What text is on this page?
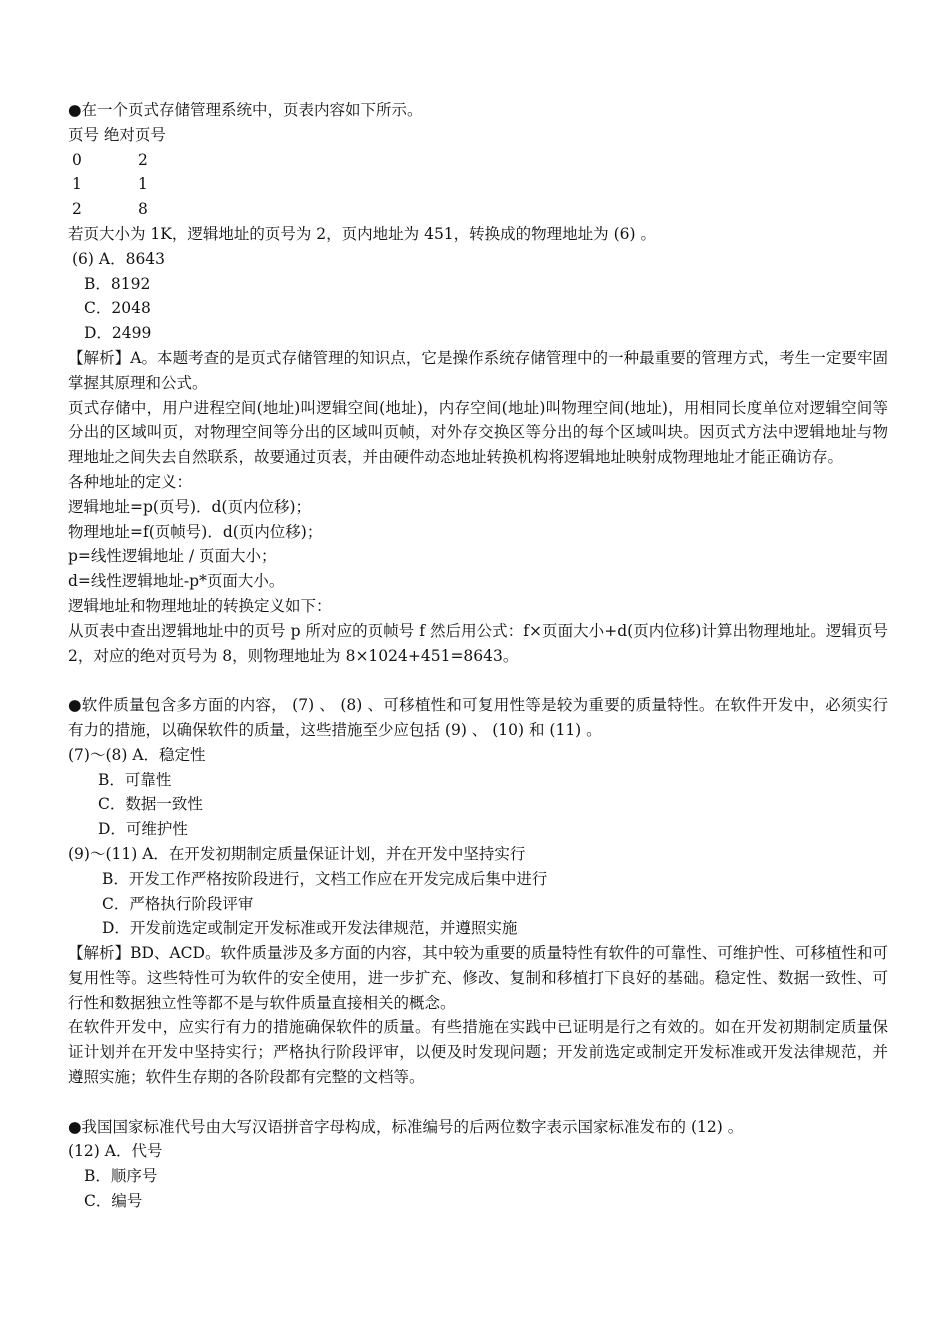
●在一个页式存储管理系统中，页表内容如下所示。
页号 绝对页号
0	2
1	1
2	8
若页大小为 1K，逻辑地址的页号为 2，页内地址为 451，转换成的物理地址为 (6) 。
(6) A．8643
B．8192
C．2048
D．2499
【解析】A。本题考查的是页式存储管理的知识点，它是操作系统存储管理中的一种最重要的管理方式，考生一定要牢固掌握其原理和公式。
页式存储中，用户进程空间(地址)叫逻辑空间(地址)，内存空间(地址)叫物理空间(地址)，用相同长度单位对逻辑空间等分出的区域叫页，对物理空间等分出的区域叫页帧，对外存交换区等分出的每个区域叫块。因页式方法中逻辑地址与物理地址之间失去自然联系，故要通过页表，并由硬件动态地址转换机构将逻辑地址映射成物理地址才能正确访存。
各种地址的定义：
逻辑地址=p(页号)．d(页内位移)；
物理地址=f(页帧号)．d(页内位移)；
p=线性逻辑地址 / 页面大小；
d=线性逻辑地址-p*页面大小。
逻辑地址和物理地址的转换定义如下：
从页表中查出逻辑地址中的页号 p 所对应的页帧号 f 然后用公式：f×页面大小+d(页内位移)计算出物理地址。逻辑页号 2，对应的绝对页号为 8，则物理地址为 8×1024+451=8643。
●软件质量包含多方面的内容， (7) 、 (8) 、可移植性和可复用性等是较为重要的质量特性。在软件开发中，必须实行有力的措施，以确保软件的质量，这些措施至少应包括 (9) 、 (10) 和 (11) 。
(7)～(8) A．稳定性
B．可靠性
C．数据一致性
D．可维护性
(9)～(11) A．在开发初期制定质量保证计划，并在开发中坚持实行
B．开发工作严格按阶段进行，文档工作应在开发完成后集中进行
C．严格执行阶段评审
D．开发前选定或制定开发标准或开发法律规范，并遵照实施
【解析】BD、ACD。软件质量涉及多方面的内容，其中较为重要的质量特性有软件的可靠性、可维护性、可移植性和可复用性等。这些特性可为软件的安全使用，进一步扩充、修改、复制和移植打下良好的基础。稳定性、数据一致性、可行性和数据独立性等都不是与软件质量直接相关的概念。
在软件开发中，应实行有力的措施确保软件的质量。有些措施在实践中已证明是行之有效的。如在开发初期制定质量保证计划并在开发中坚持实行；严格执行阶段评审，以便及时发现问题；开发前选定或制定开发标准或开发法律规范，并遵照实施；软件生存期的各阶段都有完整的文档等。
●我国国家标准代号由大写汉语拼音字母构成，标准编号的后两位数字表示国家标准发布的 (12) 。
(12) A．代号
B．顺序号
C．编号
